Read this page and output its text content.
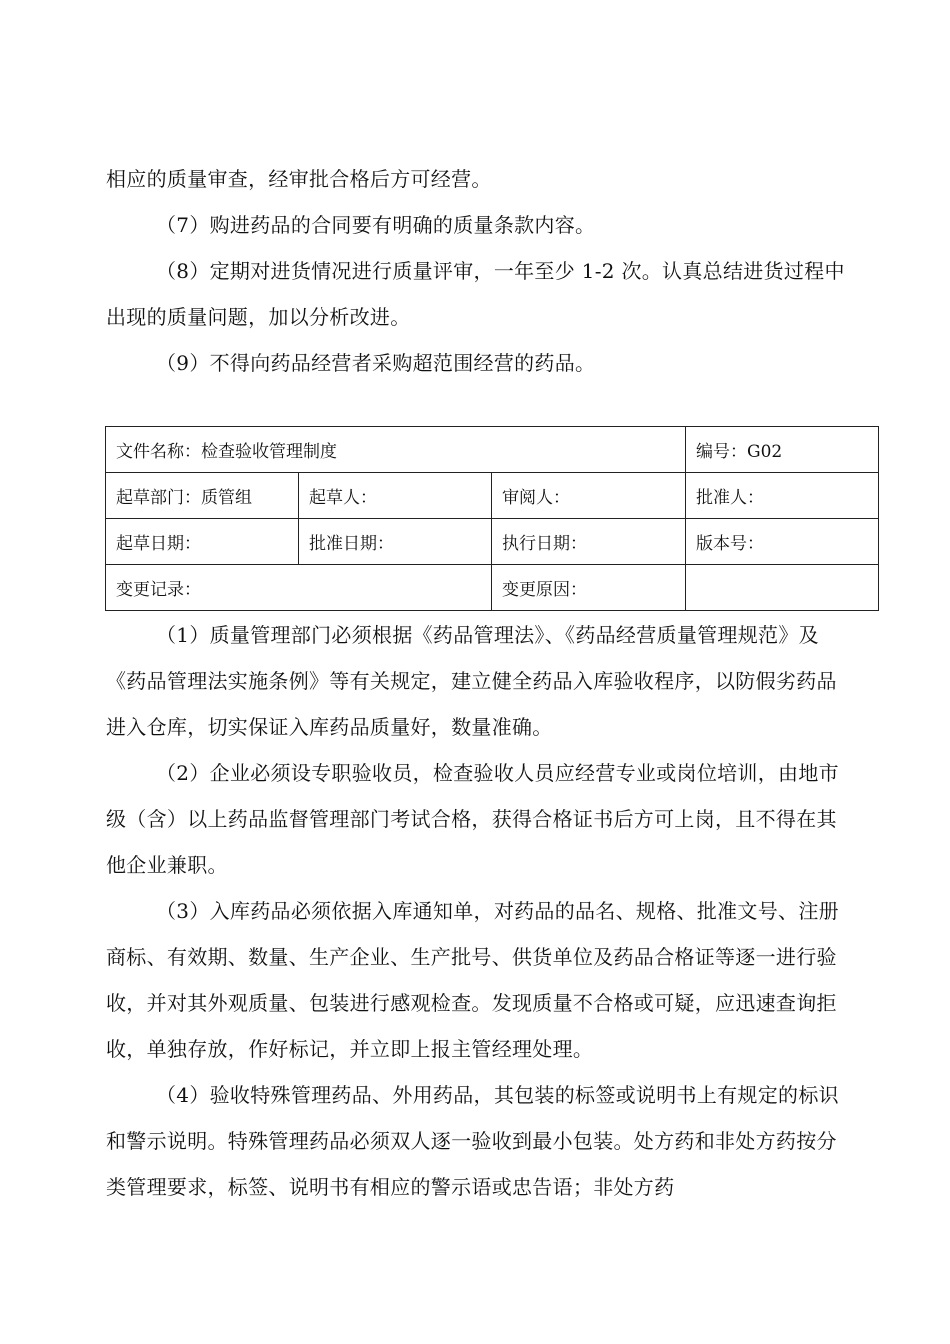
相应的质量审查，经审批合格后方可经营。

（7）购进药品的合同要有明确的质量条款内容。

（8）定期对进货情况进行质量评审，一年至少 1-2 次。认真总结进货过程中出现的质量问题，加以分析改进。

（9）不得向药品经营者采购超范围经营的药品。

文件名称：检查验收管理制度			编号：G02
起草部门：质管组	起草人：	审阅人：	批准人：
起草日期：	批准日期：	执行日期：	版本号：
变更记录：		变更原因：	

（1）质量管理部门必须根据《药品管理法》、《药品经营质量管理规范》及《药品管理法实施条例》等有关规定，建立健全药品入库验收程序，以防假劣药品进入仓库，切实保证入库药品质量好，数量准确。

（2）企业必须设专职验收员，检查验收人员应经营专业或岗位培训，由地市级（含）以上药品监督管理部门考试合格，获得合格证书后方可上岗，且不得在其他企业兼职。

（3）入库药品必须依据入库通知单，对药品的品名、规格、批准文号、注册商标、有效期、数量、生产企业、生产批号、供货单位及药品合格证等逐一进行验收，并对其外观质量、包装进行感观检查。发现质量不合格或可疑，应迅速查询拒收，单独存放，作好标记，并立即上报主管经理处理。

（4）验收特殊管理药品、外用药品，其包装的标签或说明书上有规定的标识和警示说明。特殊管理药品必须双人逐一验收到最小包装。处方药和非处方药按分类管理要求，标签、说明书有相应的警示语或忠告语；非处方药
